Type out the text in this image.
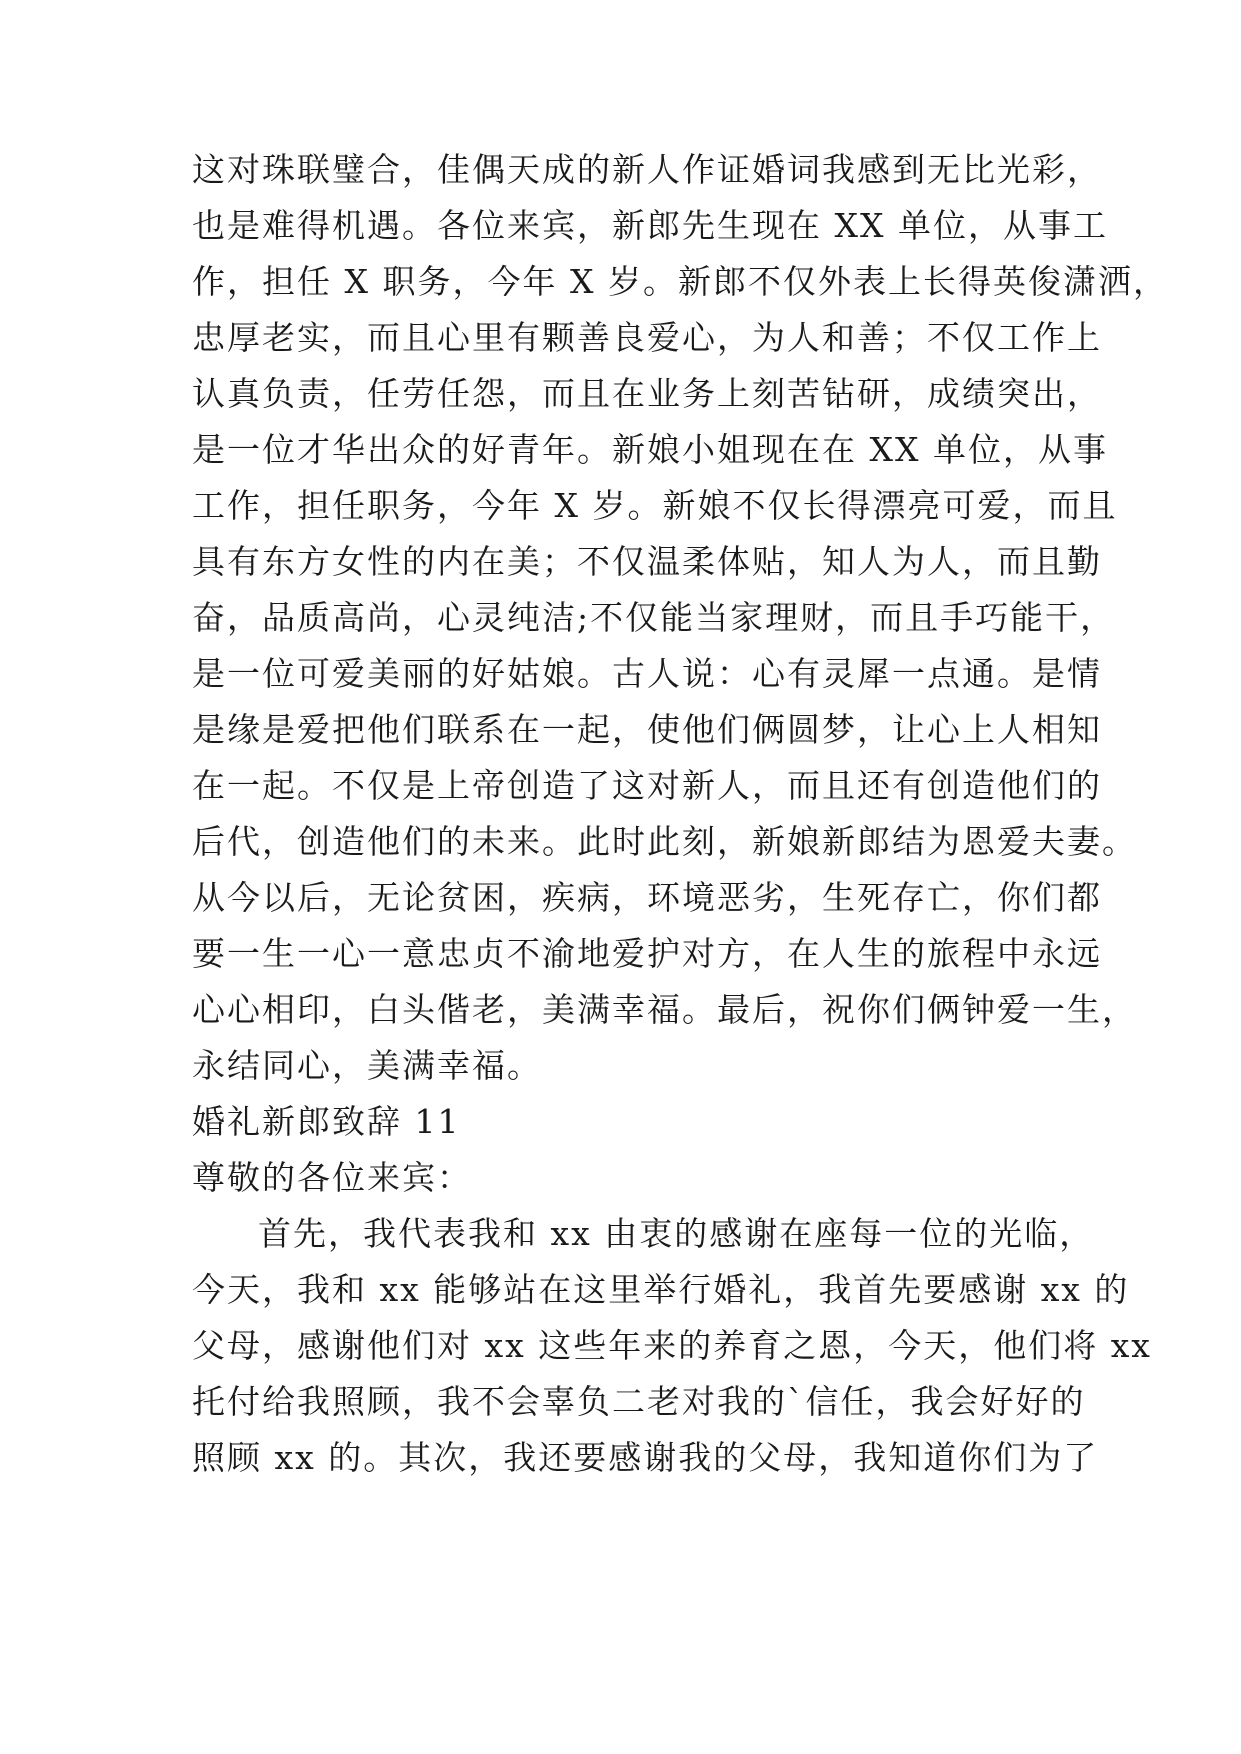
这对珠联璧合，佳偶天成的新人作证婚词我感到无比光彩，
也是难得机遇。各位来宾，新郎先生现在 XX 单位，从事工
作，担任 X 职务，今年 X 岁。新郎不仅外表上长得英俊潇洒，
忠厚老实，而且心里有颗善良爱心，为人和善；不仅工作上
认真负责，任劳任怨，而且在业务上刻苦钻研，成绩突出，
是一位才华出众的好青年。新娘小姐现在在 XX 单位，从事
工作，担任职务，今年 X 岁。新娘不仅长得漂亮可爱，而且
具有东方女性的内在美；不仅温柔体贴，知人为人，而且勤
奋，品质高尚，心灵纯洁;不仅能当家理财，而且手巧能干，
是一位可爱美丽的好姑娘。古人说：心有灵犀一点通。是情
是缘是爱把他们联系在一起，使他们俩圆梦，让心上人相知
在一起。不仅是上帝创造了这对新人，而且还有创造他们的
后代，创造他们的未来。此时此刻，新娘新郎结为恩爱夫妻。
从今以后，无论贫困，疾病，环境恶劣，生死存亡，你们都
要一生一心一意忠贞不渝地爱护对方，在人生的旅程中永远
心心相印，白头偕老，美满幸福。最后，祝你们俩钟爱一生，
永结同心，美满幸福。
婚礼新郎致辞 11
尊敬的各位来宾：
首先，我代表我和 xx 由衷的感谢在座每一位的光临，
今天，我和 xx 能够站在这里举行婚礼，我首先要感谢 xx 的
父母，感谢他们对 xx 这些年来的养育之恩，今天，他们将 xx
托付给我照顾，我不会辜负二老对我的`信任，我会好好的
照顾 xx 的。其次，我还要感谢我的父母，我知道你们为了
